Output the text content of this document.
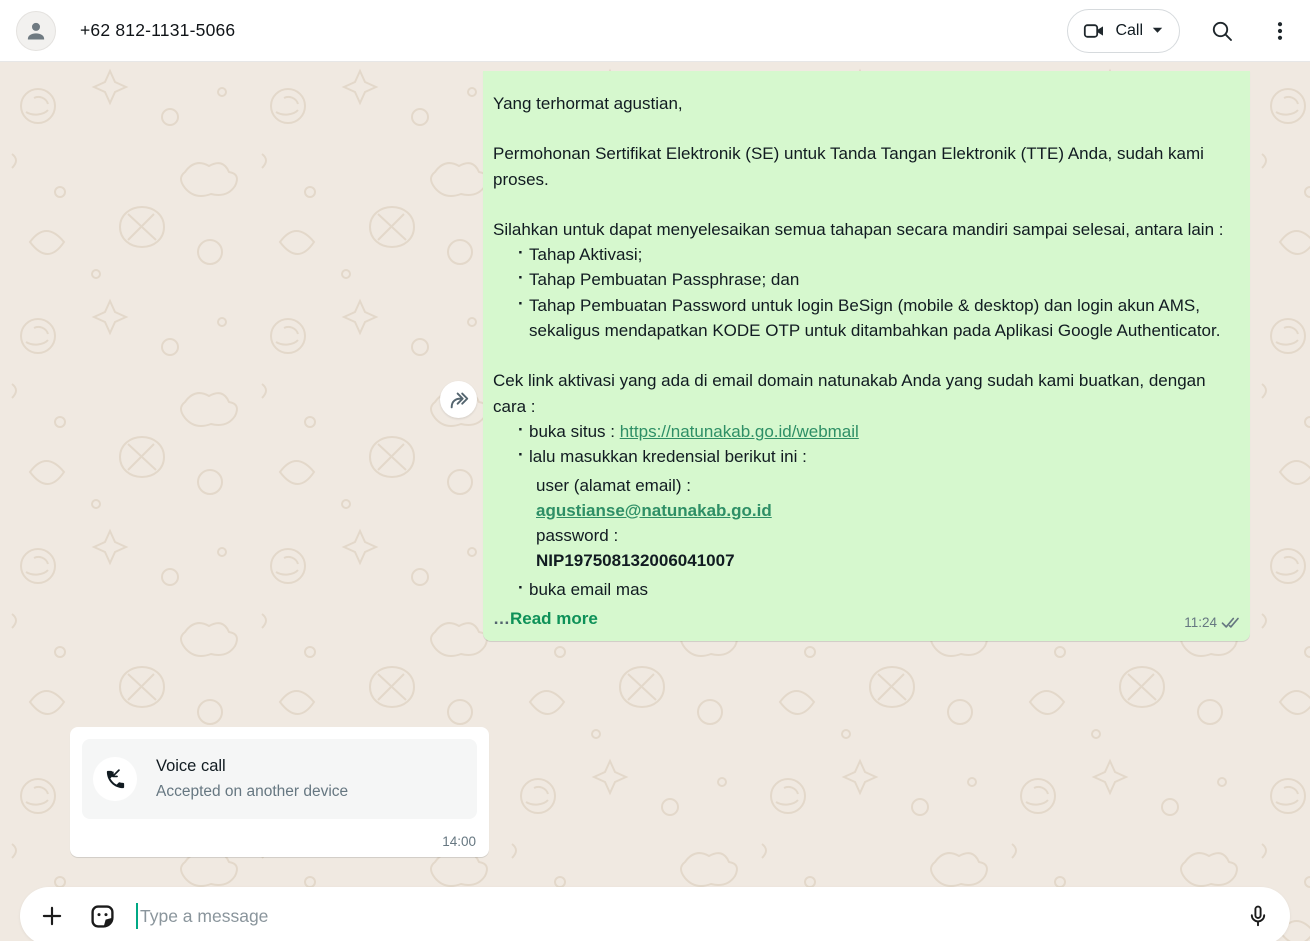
+62 812-1131-5066	Call

Yang terhormat agustian,

Permohonan Sertifikat Elektronik (SE) untuk Tanda Tangan Elektronik (TTE) Anda, sudah kami proses.

Silahkan untuk dapat menyelesaikan semua tahapan secara mandiri sampai selesai, antara lain :

· Tahap Aktivasi;
· Tahap Pembuatan Passphrase; dan
· Tahap Pembuatan Password untuk login BeSign (mobile & desktop) dan login akun AMS, sekaligus mendapatkan KODE OTP untuk ditambahkan pada Aplikasi Google Authenticator.

Cek link aktivasi yang ada di email domain natunakab Anda yang sudah kami buatkan, dengan cara :

· buka situs : https://natunakab.go.id/webmail
· lalu masukkan kredensial berikut ini :
user (alamat email) :
agustianse@natunakab.go.id
password :
NIP197508132006041007
· buka email mas
…Read more	11:24
Voice call
Accepted on another device
14:00
Type a message
